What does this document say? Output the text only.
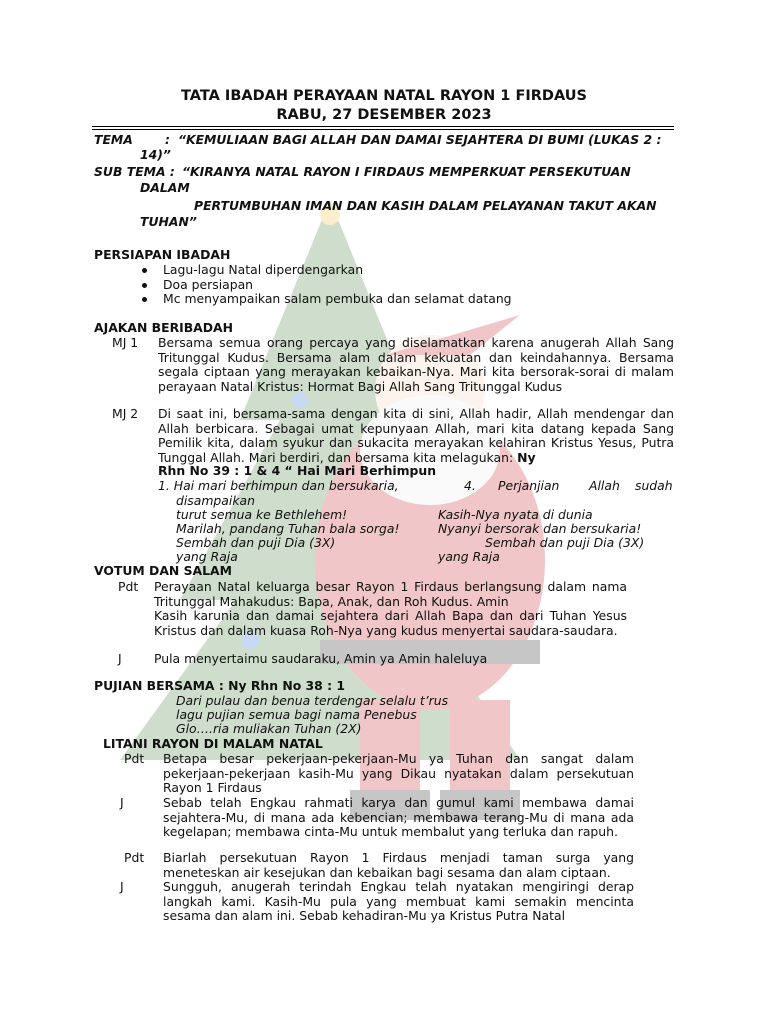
TATA IBADAH PERAYAAN NATAL RAYON 1 FIRDAUS
RABU, 27 DESEMBER 2023
TEMA	: “KEMULIAAN BAGI ALLAH DAN DAMAI SEJAHTERA DI BUMI (LUKAS 2 :
14)”
SUB TEMA : “KIRANYA NATAL RAYON I FIRDAUS MEMPERKUAT PERSEKUTUAN
DALAM
PERTUMBUHAN IMAN DAN KASIH DALAM PELAYANAN TAKUT AKAN
TUHAN”
PERSIAPAN IBADAH
Lagu-lagu Natal diperdengarkan
Doa persiapan
Mc menyampaikan salam pembuka dan selamat datang
AJAKAN BERIBADAH
MJ 1 Bersama semua orang percaya yang diselamatkan karena anugerah Allah Sang Tritunggal Kudus. Bersama alam dalam kekuatan dan keindahannya. Bersama segala ciptaan yang merayakan kebaikan-Nya. Mari kita bersorak-sorai di malam perayaan Natal Kristus: Hormat Bagi Allah Sang Tritunggal Kudus
MJ 2 Di saat ini, bersama-sama dengan kita di sini, Allah hadir, Allah mendengar dan Allah berbicara. Sebagai umat kepunyaan Allah, mari kita datang kepada Sang Pemilik kita, dalam syukur dan sukacita merayakan kelahiran Kristus Yesus, Putra Tunggal Allah. Mari berdiri, dan bersama kita melagukan: Ny
Rhn No 39 : 1 & 4 “ Hai Mari Berhimpun
1. Hai mari berhimpun dan bersukaria,
disampaikan
turut semua ke Bethlehem!
Marilah, pandang Tuhan bala sorga!
Sembah dan puji Dia (3X)
yang Raja
4. Perjanjian Allah sudah
Kasih-Nya nyata di dunia
Nyanyi bersorak dan bersukaria!
Sembah dan puji Dia (3X)
yang Raja
VOTUM DAN SALAM
Pdt Perayaan Natal keluarga besar Rayon 1 Firdaus berlangsung dalam nama Tritunggal Mahakudus: Bapa, Anak, dan Roh Kudus. Amin
Kasih karunia dan damai sejahtera dari Allah Bapa dan dari Tuhan Yesus Kristus dan dalam kuasa Roh-Nya yang kudus menyertai saudara-saudara.
J	Pula menyertaimu saudaraku, Amin ya Amin haleluya
PUJIAN BERSAMA : Ny Rhn No 38 : 1
Dari pulau dan benua terdengar selalu t’rus
lagu pujian semua bagi nama Penebus
Glo….ria muliakan Tuhan (2X)
LITANI RAYON DI MALAM NATAL
Pdt Betapa besar pekerjaan-pekerjaan-Mu ya Tuhan dan sangat dalam pekerjaan-pekerjaan kasih-Mu yang Dikau nyatakan dalam persekutuan Rayon 1 Firdaus
J	Sebab telah Engkau rahmati karya dan gumul kami membawa damai sejahtera-Mu, di mana ada kebencian; membawa terang-Mu di mana ada kegelapan; membawa cinta-Mu untuk membalut yang terluka dan rapuh.
Pdt Biarlah persekutuan Rayon 1 Firdaus menjadi taman surga yang meneteskan air kesejukan dan kebaikan bagi sesama dan alam ciptaan.
J	Sungguh, anugerah terindah Engkau telah nyatakan mengiringi derap langkah kami. Kasih-Mu pula yang membuat kami semakin mencinta sesama dan alam ini. Sebab kehadiran-Mu ya Kristus Putra Natal
